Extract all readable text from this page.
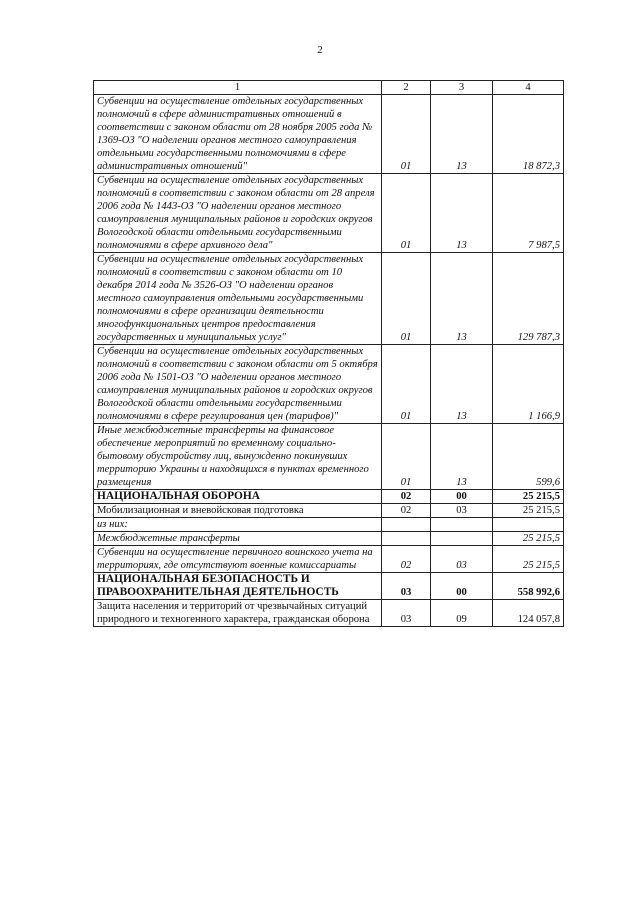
2
1	2	3	4
Субвенции на осуществление отдельных государственных полномочий в сфере административных отношений в соответствии с законом области от 28 ноября 2005 года № 1369-ОЗ "О наделении органов местного самоуправления отдельными государственными полномочиями в сфере административных отношений"	01	13	18 872,3
Субвенции на осуществление отдельных государственных полномочий в соответствии с законом области от 28 апреля 2006 года № 1443-ОЗ "О наделении органов местного самоуправления муниципальных районов и городских округов Вологодской области отдельными государственными полномочиями в сфере архивного дела"	01	13	7 987,5
Субвенции на осуществление отдельных государственных полномочий в соответствии с законом области от 10 декабря 2014 года № 3526-ОЗ "О наделении органов местного самоуправления отдельными государственными полномочиями в сфере организации деятельности многофункциональных центров предоставления государственных и муниципальных услуг"	01	13	129 787,3
Субвенции на осуществление отдельных государственных полномочий в соответствии с законом области от 5 октября 2006 года № 1501-ОЗ "О наделении органов местного самоуправления муниципальных районов и городских округов Вологодской области отдельными государственными полномочиями в сфере регулирования цен (тарифов)"	01	13	1 166,9
Иные межбюджетные трансферты на финансовое обеспечение мероприятий по временному социально-бытовому обустройству лиц, вынужденно покинувших территорию Украины и находящихся в пунктах временного размещения	01	13	599,6
НАЦИОНАЛЬНАЯ ОБОРОНА	02	00	25 215,5
Мобилизационная и вневойсковая подготовка	02	03	25 215,5
из них:			
Межбюджетные трансферты			25 215,5
Субвенции на осуществление первичного воинского учета на территориях, где отсутствуют военные комиссариаты	02	03	25 215,5
НАЦИОНАЛЬНАЯ БЕЗОПАСНОСТЬ И ПРАВООХРАНИТЕЛЬНАЯ ДЕЯТЕЛЬНОСТЬ	03	00	558 992,6
Защита населения и территорий от чрезвычайных ситуаций природного и техногенного характера, гражданская оборона	03	09	124 057,8
